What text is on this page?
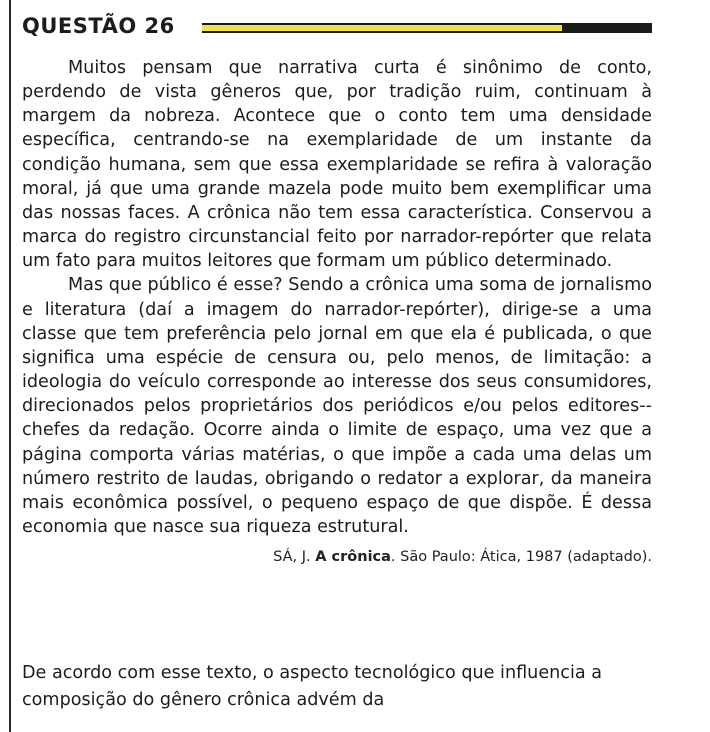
QUESTÃO 26

Muitos pensam que narrativa curta é sinônimo de conto, perdendo de vista gêneros que, por tradição ruim, continuam à margem da nobreza. Acontece que o conto tem uma densidade específica, centrando-se na exemplaridade de um instante da condição humana, sem que essa exemplaridade se refira à valoração moral, já que uma grande mazela pode muito bem exemplificar uma das nossas faces. A crônica não tem essa característica. Conservou a marca do registro circunstancial feito por narrador-repórter que relata um fato para muitos leitores que formam um público determinado.

Mas que público é esse? Sendo a crônica uma soma de jornalismo e literatura (daí a imagem do narrador-repórter), dirige-se a uma classe que tem preferência pelo jornal em que ela é publicada, o que significa uma espécie de censura ou, pelo menos, de limitação: a ideologia do veículo corresponde ao interesse dos seus consumidores, direcionados pelos proprietários dos periódicos e/ou pelos editores-​-chefes da redação. Ocorre ainda o limite de espaço, uma vez que a página comporta várias matérias, o que impõe a cada uma delas um número restrito de laudas, obrigando o redator a explorar, da maneira mais econômica possível, o pequeno espaço de que dispõe. É dessa economia que nasce sua riqueza estrutural.

SÁ, J. A crônica. São Paulo: Ática, 1987 (adaptado).

De acordo com esse texto, o aspecto tecnológico que influencia a composição do gênero crônica advém da
